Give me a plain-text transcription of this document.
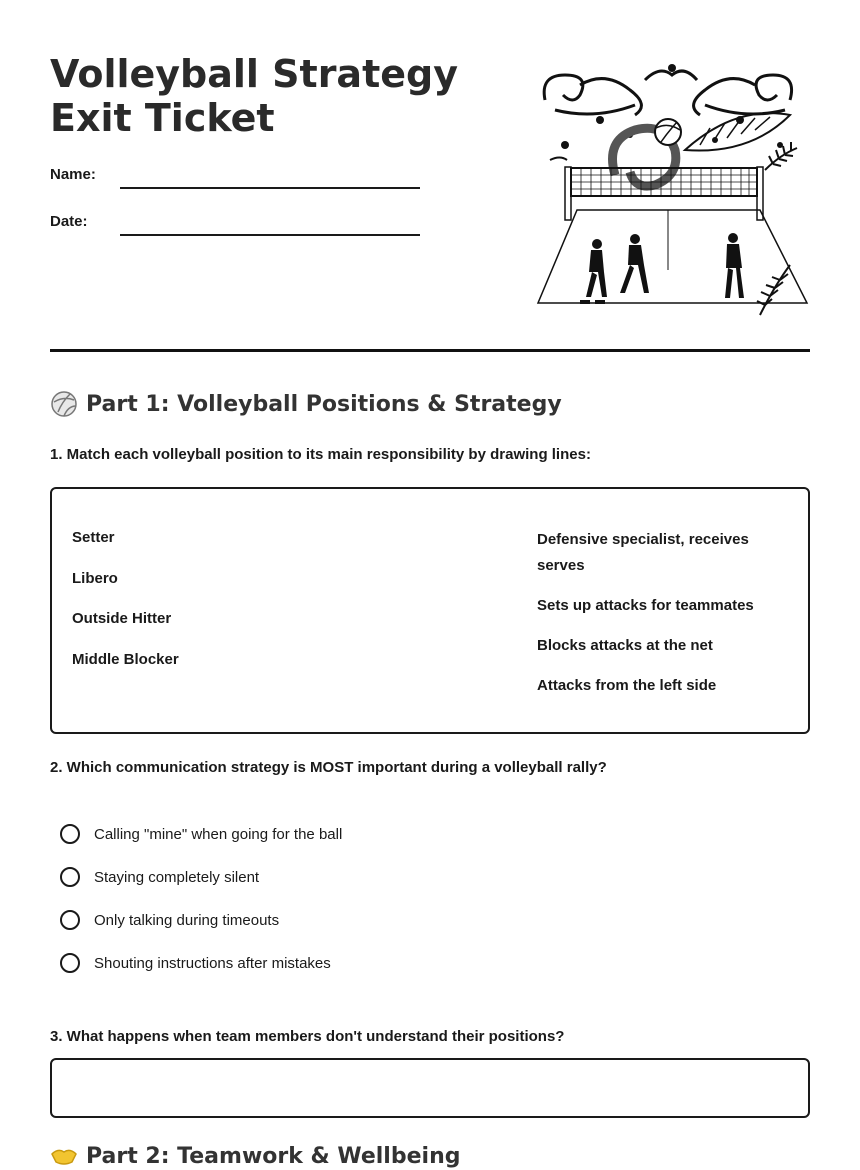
Volleyball Strategy Exit Ticket
Name:
Date:
Part 1: Volleyball Positions & Strategy
1. Match each volleyball position to its main responsibility by drawing lines:
Setter
Libero
Outside Hitter
Middle Blocker
Defensive specialist, receives serves
Sets up attacks for teammates
Blocks attacks at the net
Attacks from the left side
2. Which communication strategy is MOST important during a volleyball rally?
Calling "mine" when going for the ball
Staying completely silent
Only talking during timeouts
Shouting instructions after mistakes
3. What happens when team members don't understand their positions?
Part 2: Teamwork & Wellbeing
